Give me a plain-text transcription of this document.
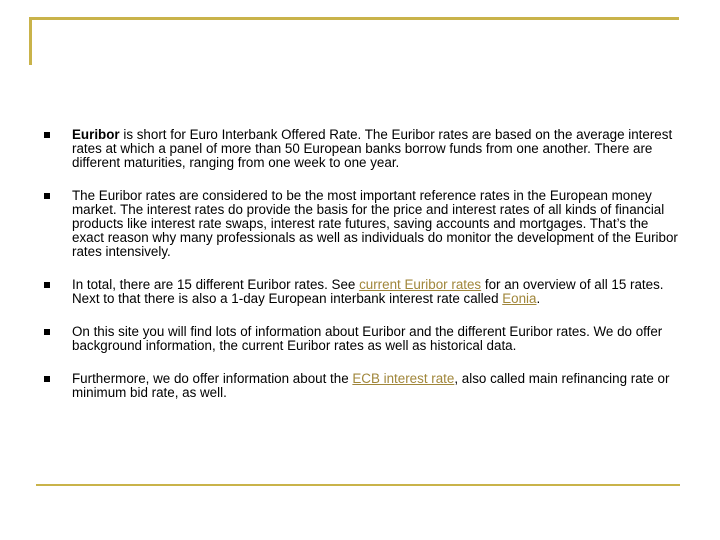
Euribor is short for Euro Interbank Offered Rate. The Euribor rates are based on the average interest rates at which a panel of more than 50 European banks borrow funds from one another. There are different maturities, ranging from one week to one year.
The Euribor rates are considered to be the most important reference rates in the European money market. The interest rates do provide the basis for the price and interest rates of all kinds of financial products like interest rate swaps, interest rate futures, saving accounts and mortgages. That’s the exact reason why many professionals as well as individuals do monitor the development of the Euribor rates intensively.
In total, there are 15 different Euribor rates. See current Euribor rates for an overview of all 15 rates. Next to that there is also a 1-day European interbank interest rate called Eonia.
On this site you will find lots of information about Euribor and the different Euribor rates. We do offer background information, the current Euribor rates as well as historical data.
Furthermore, we do offer information about the ECB interest rate, also called main refinancing rate or minimum bid rate, as well.
